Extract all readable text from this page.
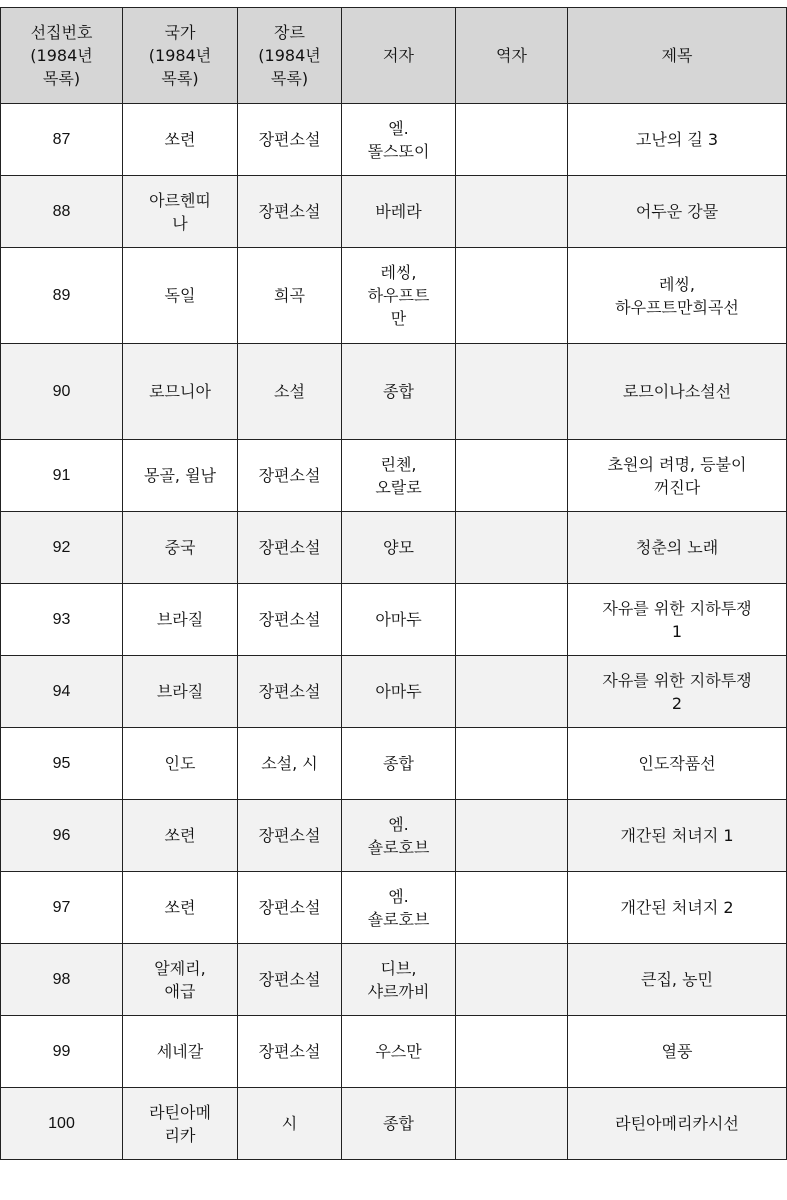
선집번호
(1984년
목록)	국가
(1984년
목록)	장르
(1984년
목록)	저자	역자	제목

87	쏘련	장편소설	엘.
똘스또이		고난의 길 3

88	아르헨띠
나	장편소설	바레라		어두운 강물

89	독일	희곡	레씽,
하우프트
만		레씽,
하우프트만희곡선

90	로므니아	소설	종합		로므이나소설선

91	몽골, 윌남	장편소설	린첸,
오랄로		초원의 려명, 등불이
꺼진다

92	중국	장편소설	양모		청춘의 노래

93	브라질	장편소설	아마두		자유를 위한 지하투쟁
1

94	브라질	장편소설	아마두		자유를 위한 지하투쟁
2

95	인도	소설, 시	종합		인도작품선

96	쏘련	장편소설	엠.
숄로호브		개간된 처녀지 1

97	쏘련	장편소설	엠.
숄로호브		개간된 처녀지 2

98	알제리,
애급	장편소설	디브,
샤르까비		큰집, 농민

99	세네갈	장편소설	우스만		열풍

100	라틴아메
리카	시	종합		라틴아메리카시선
